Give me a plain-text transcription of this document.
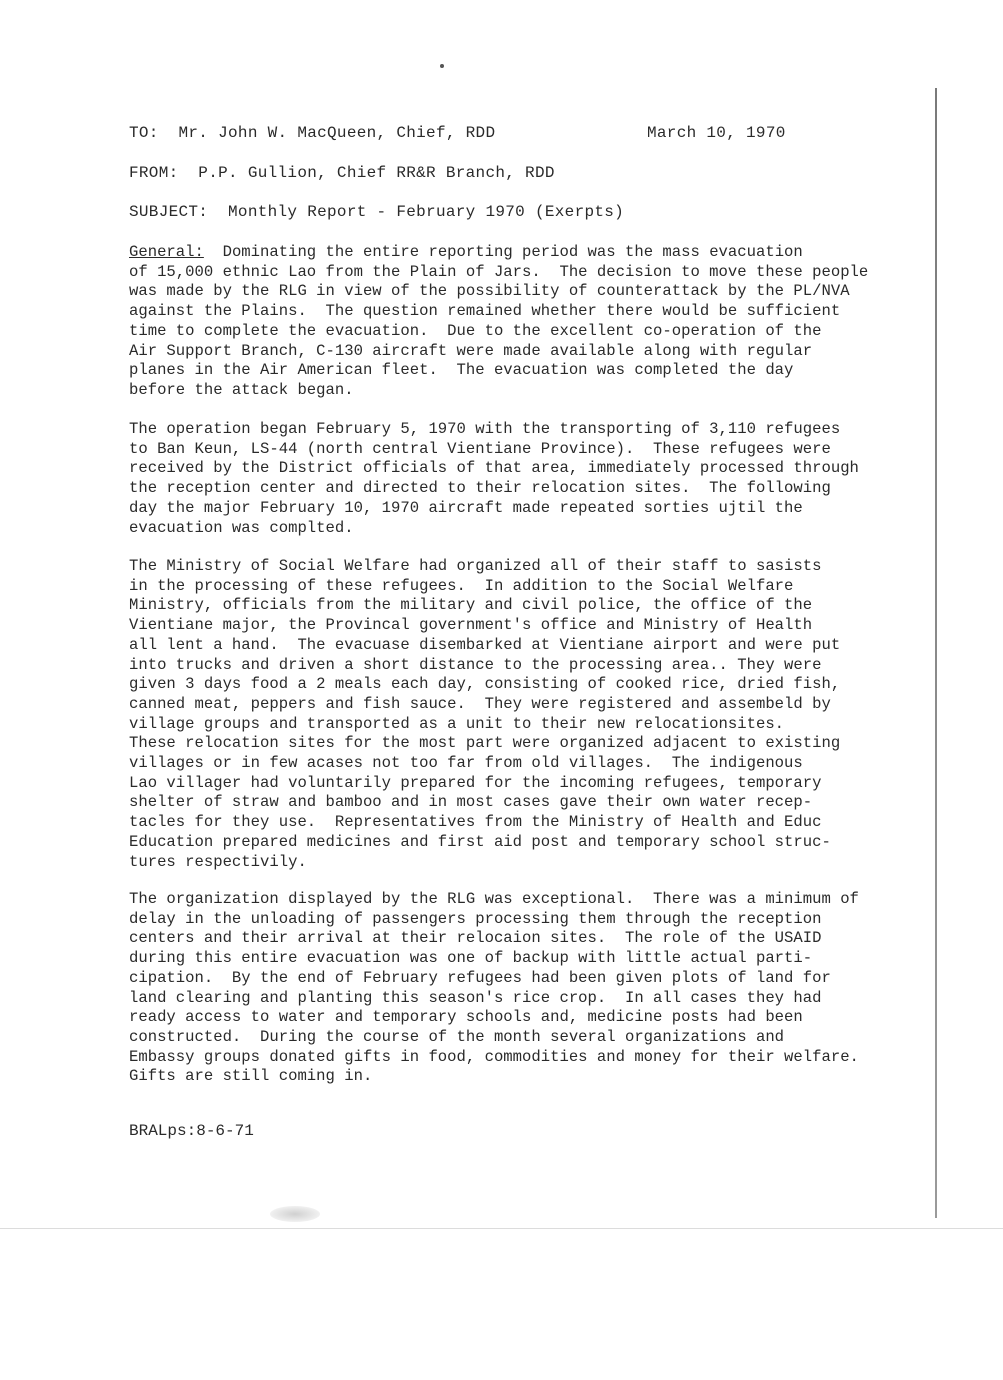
TO:  Mr. John W. MacQueen, Chief, RDD	March 10, 1970
FROM:  P.P. Gullion, Chief RR&R Branch, RDD
SUBJECT:  Monthly Report - February 1970 (Exerpts)
General:  Dominating the entire reporting period was the mass evacuation
of 15,000 ethnic Lao from the Plain of Jars.  The decision to move these people
was made by the RLG in view of the possibility of counterattack by the PL/NVA
against the Plains.  The question remained whether there would be sufficient
time to complete the evacuation.  Due to the excellent co-operation of the
Air Support Branch, C-130 aircraft were made available along with regular
planes in the Air American fleet.  The evacuation was completed the day
before the attack began.
The operation began February 5, 1970 with the transporting of 3,110 refugees
to Ban Keun, LS-44 (north central Vientiane Province).  These refugees were
received by the District officials of that area, immediately processed through
the reception center and directed to their relocation sites.  The following
day the major February 10, 1970 aircraft made repeated sorties ujtil the
evacuation was complted.
The Ministry of Social Welfare had organized all of their staff to sasists
in the processing of these refugees.  In addition to the Social Welfare
Ministry, officials from the military and civil police, the office of the
Vientiane major, the Provincal government's office and Ministry of Health
all lent a hand.  The evacuase disembarked at Vientiane airport and were put
into trucks and driven a short distance to the processing area.. They were
given 3 days food a 2 meals each day, consisting of cooked rice, dried fish,
canned meat, peppers and fish sauce.  They were registered and assembeld by
village groups and transported as a unit to their new relocationsites.
These relocation sites for the most part were organized adjacent to existing
villages or in few acases not too far from old villages.  The indigenous
Lao villager had voluntarily prepared for the incoming refugees, temporary
shelter of straw and bamboo and in most cases gave their own water recep-
tacles for they use.  Representatives from the Ministry of Health and Educ
Education prepared medicines and first aid post and temporary school struc-
tures respectivily.
The organization displayed by the RLG was exceptional.  There was a minimum of
delay in the unloading of passengers processing them through the reception
centers and their arrival at their relocaion sites.  The role of the USAID
during this entire evacuation was one of backup with little actual parti-
cipation.  By the end of February refugees had been given plots of land for
land clearing and planting this season's rice crop.  In all cases they had
ready access to water and temporary schools and, medicine posts had been
constructed.  During the course of the month several organizations and
Embassy groups donated gifts in food, commodities and money for their welfare.
Gifts are still coming in.
BRALps:8-6-71
